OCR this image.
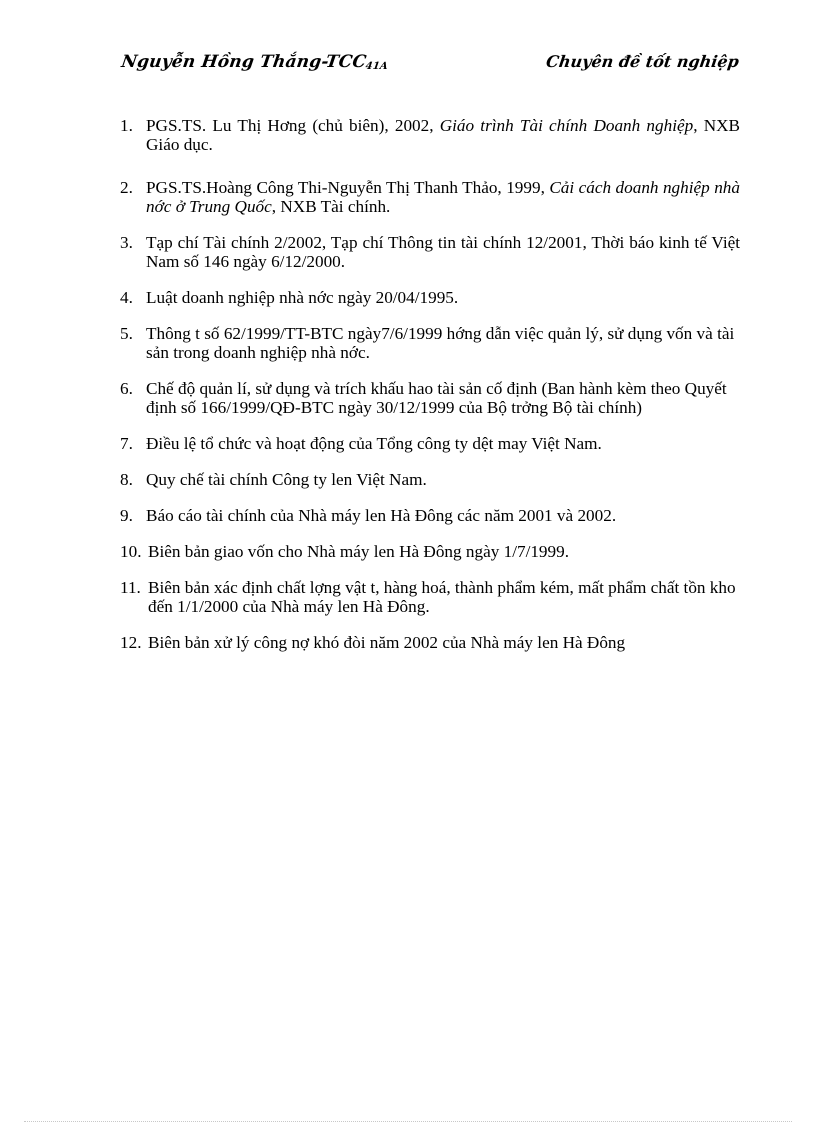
Nguyễn Hồng Thắng-TCC41A	Chuyên đề tốt nghiệp
1. PGS.TS. Lu Thị Hơng (chủ biên), 2002, Giáo trình Tài chính Doanh nghiệp, NXB Giáo dục.
2. PGS.TS.Hoàng Công Thi-Nguyễn Thị Thanh Thảo, 1999, Cải cách doanh nghiệp nhà nớc ở Trung Quốc, NXB Tài chính.
3. Tạp chí Tài chính 2/2002, Tạp chí Thông tin tài chính 12/2001, Thời báo kinh tế Việt Nam số 146 ngày 6/12/2000.
4. Luật doanh nghiệp nhà nớc ngày 20/04/1995.
5. Thông t số 62/1999/TT-BTC ngày7/6/1999 hớng dẫn việc quản lý, sử dụng vốn và tài sản trong doanh nghiệp nhà nớc.
6. Chế độ quản lí, sử dụng và trích khấu hao tài sản cố định (Ban hành kèm theo Quyết định số 166/1999/QĐ-BTC ngày 30/12/1999 của Bộ trởng Bộ tài chính)
7. Điều lệ tổ chức và hoạt động của Tổng công ty dệt may Việt Nam.
8. Quy chế tài chính Công ty len Việt Nam.
9. Báo cáo tài chính của Nhà máy len Hà Đông các năm 2001 và 2002.
10. Biên bản giao vốn cho Nhà máy len Hà Đông ngày 1/7/1999.
11. Biên bản xác định chất lợng vật t, hàng hoá, thành phẩm kém, mất phẩm chất tồn kho đến 1/1/2000 của Nhà máy len Hà Đông.
12. Biên bản xử lý công nợ khó đòi năm 2002 của Nhà máy len Hà Đông
